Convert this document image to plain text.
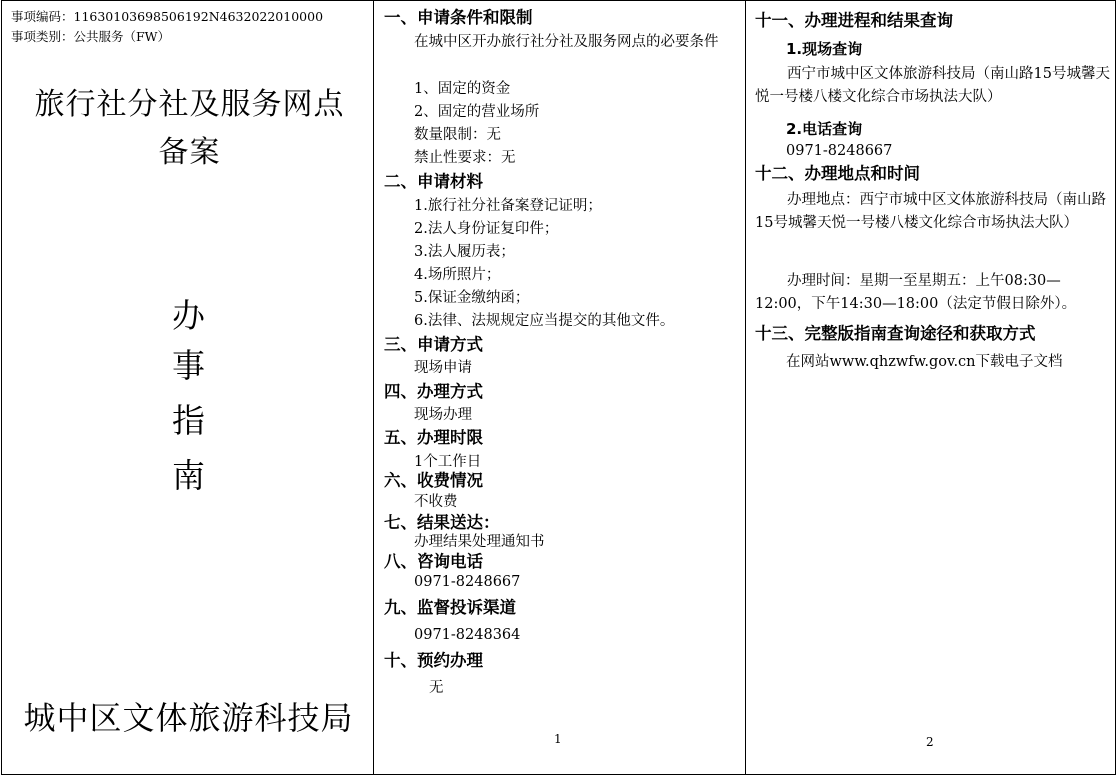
事项编码：11630103698506192N4632022010000
事项类别：公共服务（FW）
旅行社分社及服务网点备案
办
事
指
南
城中区文体旅游科技局
一、申请条件和限制
在城中区开办旅行社分社及服务网点的必要条件
1、固定的资金
2、固定的营业场所
数量限制：无
禁止性要求：无
二、申请材料
1.旅行社分社备案登记证明；
2.法人身份证复印件；
3.法人履历表；
4.场所照片；
5.保证金缴纳函；
6.法律、法规规定应当提交的其他文件。
三、申请方式
现场申请
四、办理方式
现场办理
五、办理时限
1个工作日
六、收费情况
不收费
七、结果送达：
办理结果处理通知书
八、咨询电话
0971-8248667
九、监督投诉渠道
0971-8248364
十、预约办理
无
1
十一、办理进程和结果查询
1.现场查询
西宁市城中区文体旅游科技局（南山路15号城馨天悦一号楼八楼文化综合市场执法大队）
2.电话查询
0971-8248667
十二、办理地点和时间
办理地点：西宁市城中区文体旅游科技局（南山路15号城馨天悦一号楼八楼文化综合市场执法大队）
办理时间：星期一至星期五：上午08:30—12:00，下午14:30—18:00（法定节假日除外）。
十三、完整版指南查询途径和获取方式
在网站www.qhzwfw.gov.cn下载电子文档
2
